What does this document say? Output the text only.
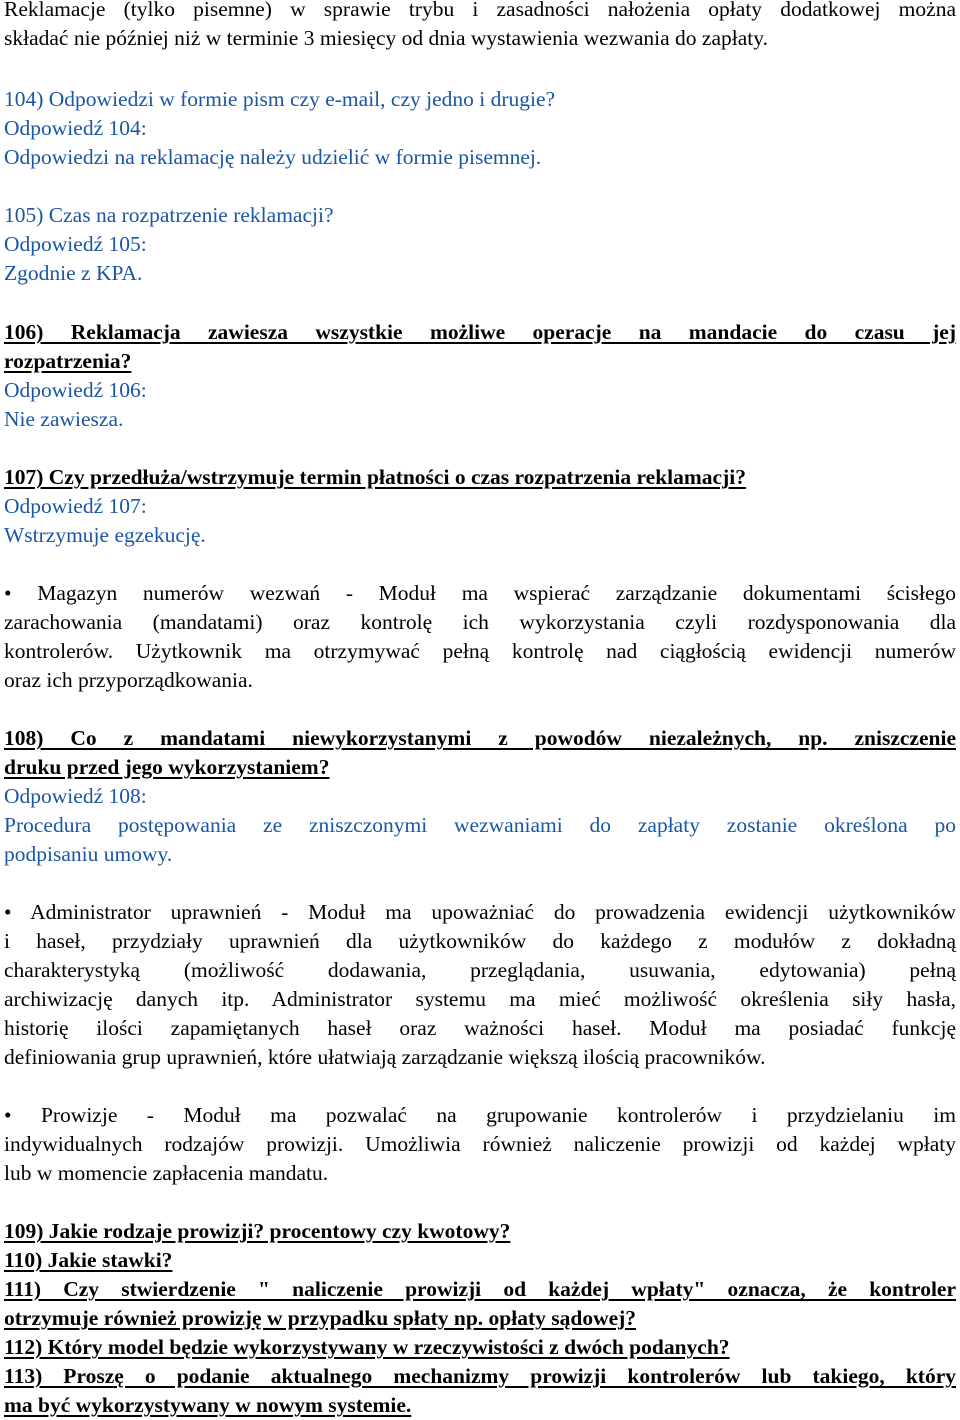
Reklamacje (tylko pisemne) w sprawie trybu i zasadności nałożenia opłaty dodatkowej można

składać nie później niż w terminie 3 miesięcy od dnia wystawienia wezwania do zapłaty.

104) Odpowiedzi w formie pism czy e-mail, czy jedno i drugie?

Odpowiedź 104:

Odpowiedzi na reklamację należy udzielić w formie pisemnej.

105) Czas na rozpatrzenie reklamacji?

Odpowiedź 105:

Zgodnie z KPA.

106) Reklamacja zawiesza wszystkie możliwe operacje na mandacie do czasu jej

rozpatrzenia?

Odpowiedź 106:

Nie zawiesza.

107) Czy przedłuża/wstrzymuje termin płatności o czas rozpatrzenia reklamacji?

Odpowiedź 107:

Wstrzymuje egzekucję.

• Magazyn numerów wezwań - Moduł ma wspierać zarządzanie dokumentami ścisłego

zarachowania (mandatami) oraz kontrolę ich wykorzystania czyli rozdysponowania dla

kontrolerów. Użytkownik ma otrzymywać pełną kontrolę nad ciągłością ewidencji numerów

oraz ich przyporządkowania.

108) Co z mandatami niewykorzystanymi z powodów niezależnych, np. zniszczenie

druku przed jego wykorzystaniem?

Odpowiedź 108:

Procedura postępowania ze zniszczonymi wezwaniami do zapłaty zostanie określona po

podpisaniu umowy.

• Administrator uprawnień - Moduł ma upoważniać do prowadzenia ewidencji użytkowników

i haseł, przydziały uprawnień dla użytkowników do każdego z modułów z dokładną

charakterystyką (możliwość dodawania, przeglądania, usuwania, edytowania) pełną

archiwizację danych itp. Administrator systemu ma mieć możliwość określenia siły hasła,

historię ilości zapamiętanych haseł oraz ważności haseł. Moduł ma posiadać funkcję

definiowania grup uprawnień, które ułatwiają zarządzanie większą ilością pracowników.

• Prowizje - Moduł ma pozwalać na grupowanie kontrolerów i przydzielaniu im

indywidualnych rodzajów prowizji. Umożliwia również naliczenie prowizji od każdej wpłaty

lub w momencie zapłacenia mandatu.

109) Jakie rodzaje prowizji? procentowy czy kwotowy?

110) Jakie stawki?

111) Czy stwierdzenie " naliczenie prowizji od każdej wpłaty" oznacza, że kontroler

otrzymuje również prowizję w przypadku spłaty np. opłaty sądowej?

112) Który model będzie wykorzystywany w rzeczywistości z dwóch podanych?

113) Proszę o podanie aktualnego mechanizmy prowizji kontrolerów lub takiego, który

ma być wykorzystywany w nowym systemie.
